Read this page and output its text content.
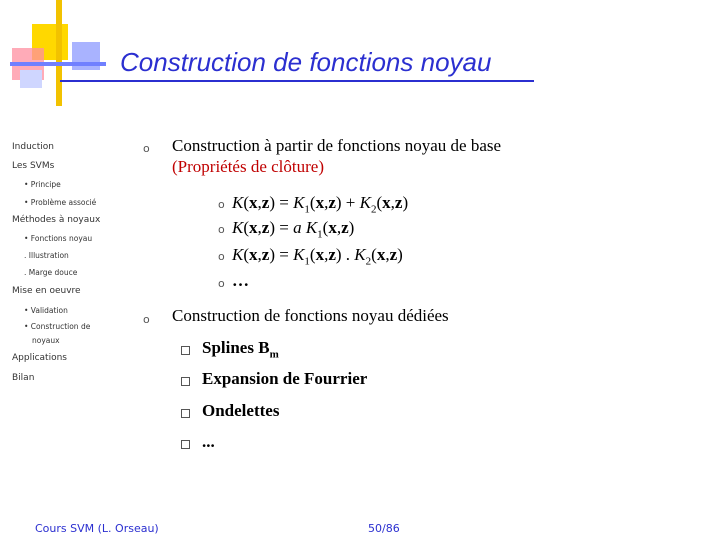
Construction de fonctions noyau
Induction
Les SVMs
• Principe
• Problème associé
Méthodes à noyaux
• Fonctions noyau
. Illustration
. Marge douce
Mise en oeuvre
• Validation
• Construction de
noyaux
Applications
Bilan
o Construction à partir de fonctions noyau de base
(Propriétés de clôture)
o $K(x,z) = K_1(x,z) + K_2(x,z)$
o K(x,z) = a $K_1(x,z)$
o $K(x,z) = K_1(x,z)$ . $K_2(x,z)$
o …
o Construction de fonctions noyau dédiées
Splines $B_m$
Expansion de Fourrier
Ondelettes
...
Cours SVM (L. Orseau)	50/86
